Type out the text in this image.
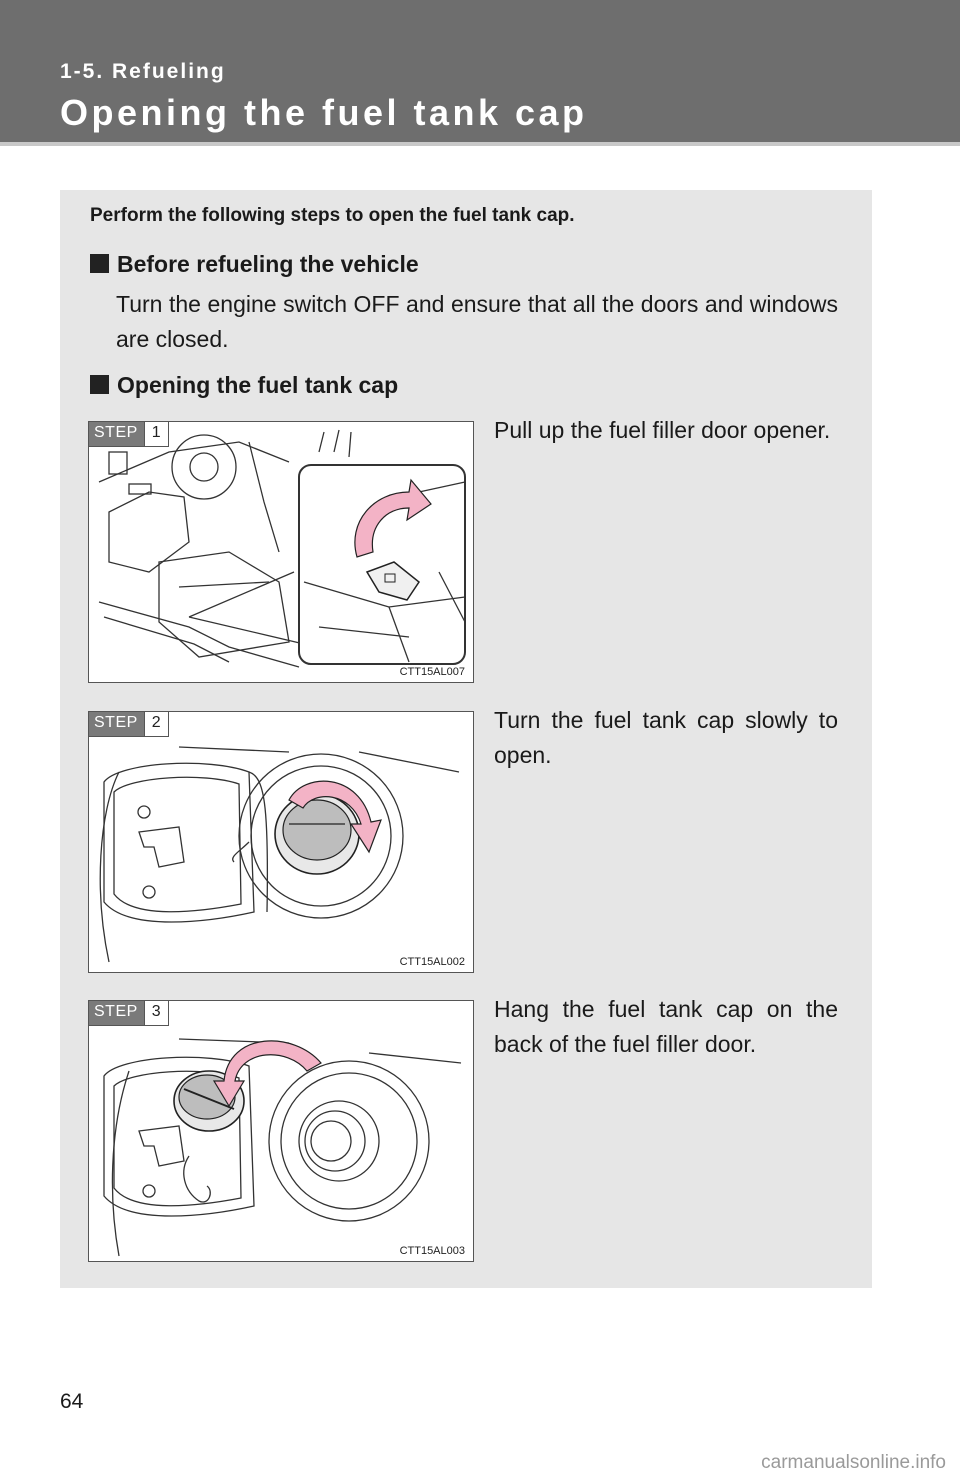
1-5. Refueling
Opening the fuel tank cap
Perform the following steps to open the fuel tank cap.
Before refueling the vehicle
Turn the engine switch OFF and ensure that all the doors and windows are closed.
Opening the fuel tank cap
STEP 1
CTT15AL007
Pull up the fuel filler door opener.
STEP 2
CTT15AL002
Turn the fuel tank cap slowly to open.
STEP 3
CTT15AL003
Hang the fuel tank cap on the back of the fuel filler door.
64
carmanualsonline.info
